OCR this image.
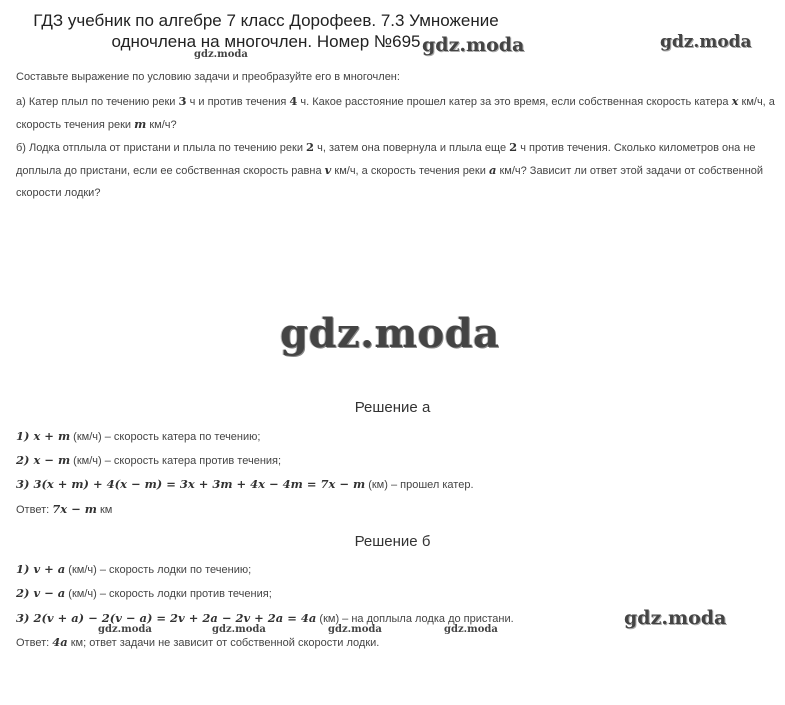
ГДЗ учебник по алгебре 7 класс Дорофеев. 7.3 Умножение
одночлена на многочлен. Номер №695 gdz.moda	gdz.moda
gdz.moda
Составьте выражение по условию задачи и преобразуйте его в многочлен:
а) Катер плыл по течению реки 3 ч и против течения 4 ч. Какое расстояние прошел катер за это время, если собственная скорость катера x км/ч, а
скорость течения реки m км/ч?
б) Лодка отплыла от пристани и плыла по течению реки 2 ч, затем она повернула и плыла еще 2 ч против течения. Сколько километров она не
доплыла до пристани, если ее собственная скорость равна v км/ч, а скорость течения реки a км/ч? Зависит ли ответ этой задачи от собственной
скорости лодки?
gdz.moda
Решение а
1) x + m (км/ч) – скорость катера по течению;
2) x − m (км/ч) – скорость катера против течения;
3) 3(x + m) + 4(x − m) = 3x + 3m + 4x − 4m = 7x − m (км) – прошел катер.
Ответ: 7x − m км
Решение б
1) v + a (км/ч) – скорость лодки по течению;
2) v − a (км/ч) – скорость лодки против течения;
3) 2(v + a) − 2(v − a) = 2v + 2a − 2v + 2a = 4a (км) – на доплыла лодка до пристани.
gdz.moda	gdz.moda	gdz.moda	gdz.moda
gdz.moda
Ответ: 4a км; ответ задачи не зависит от собственной скорости лодки.
